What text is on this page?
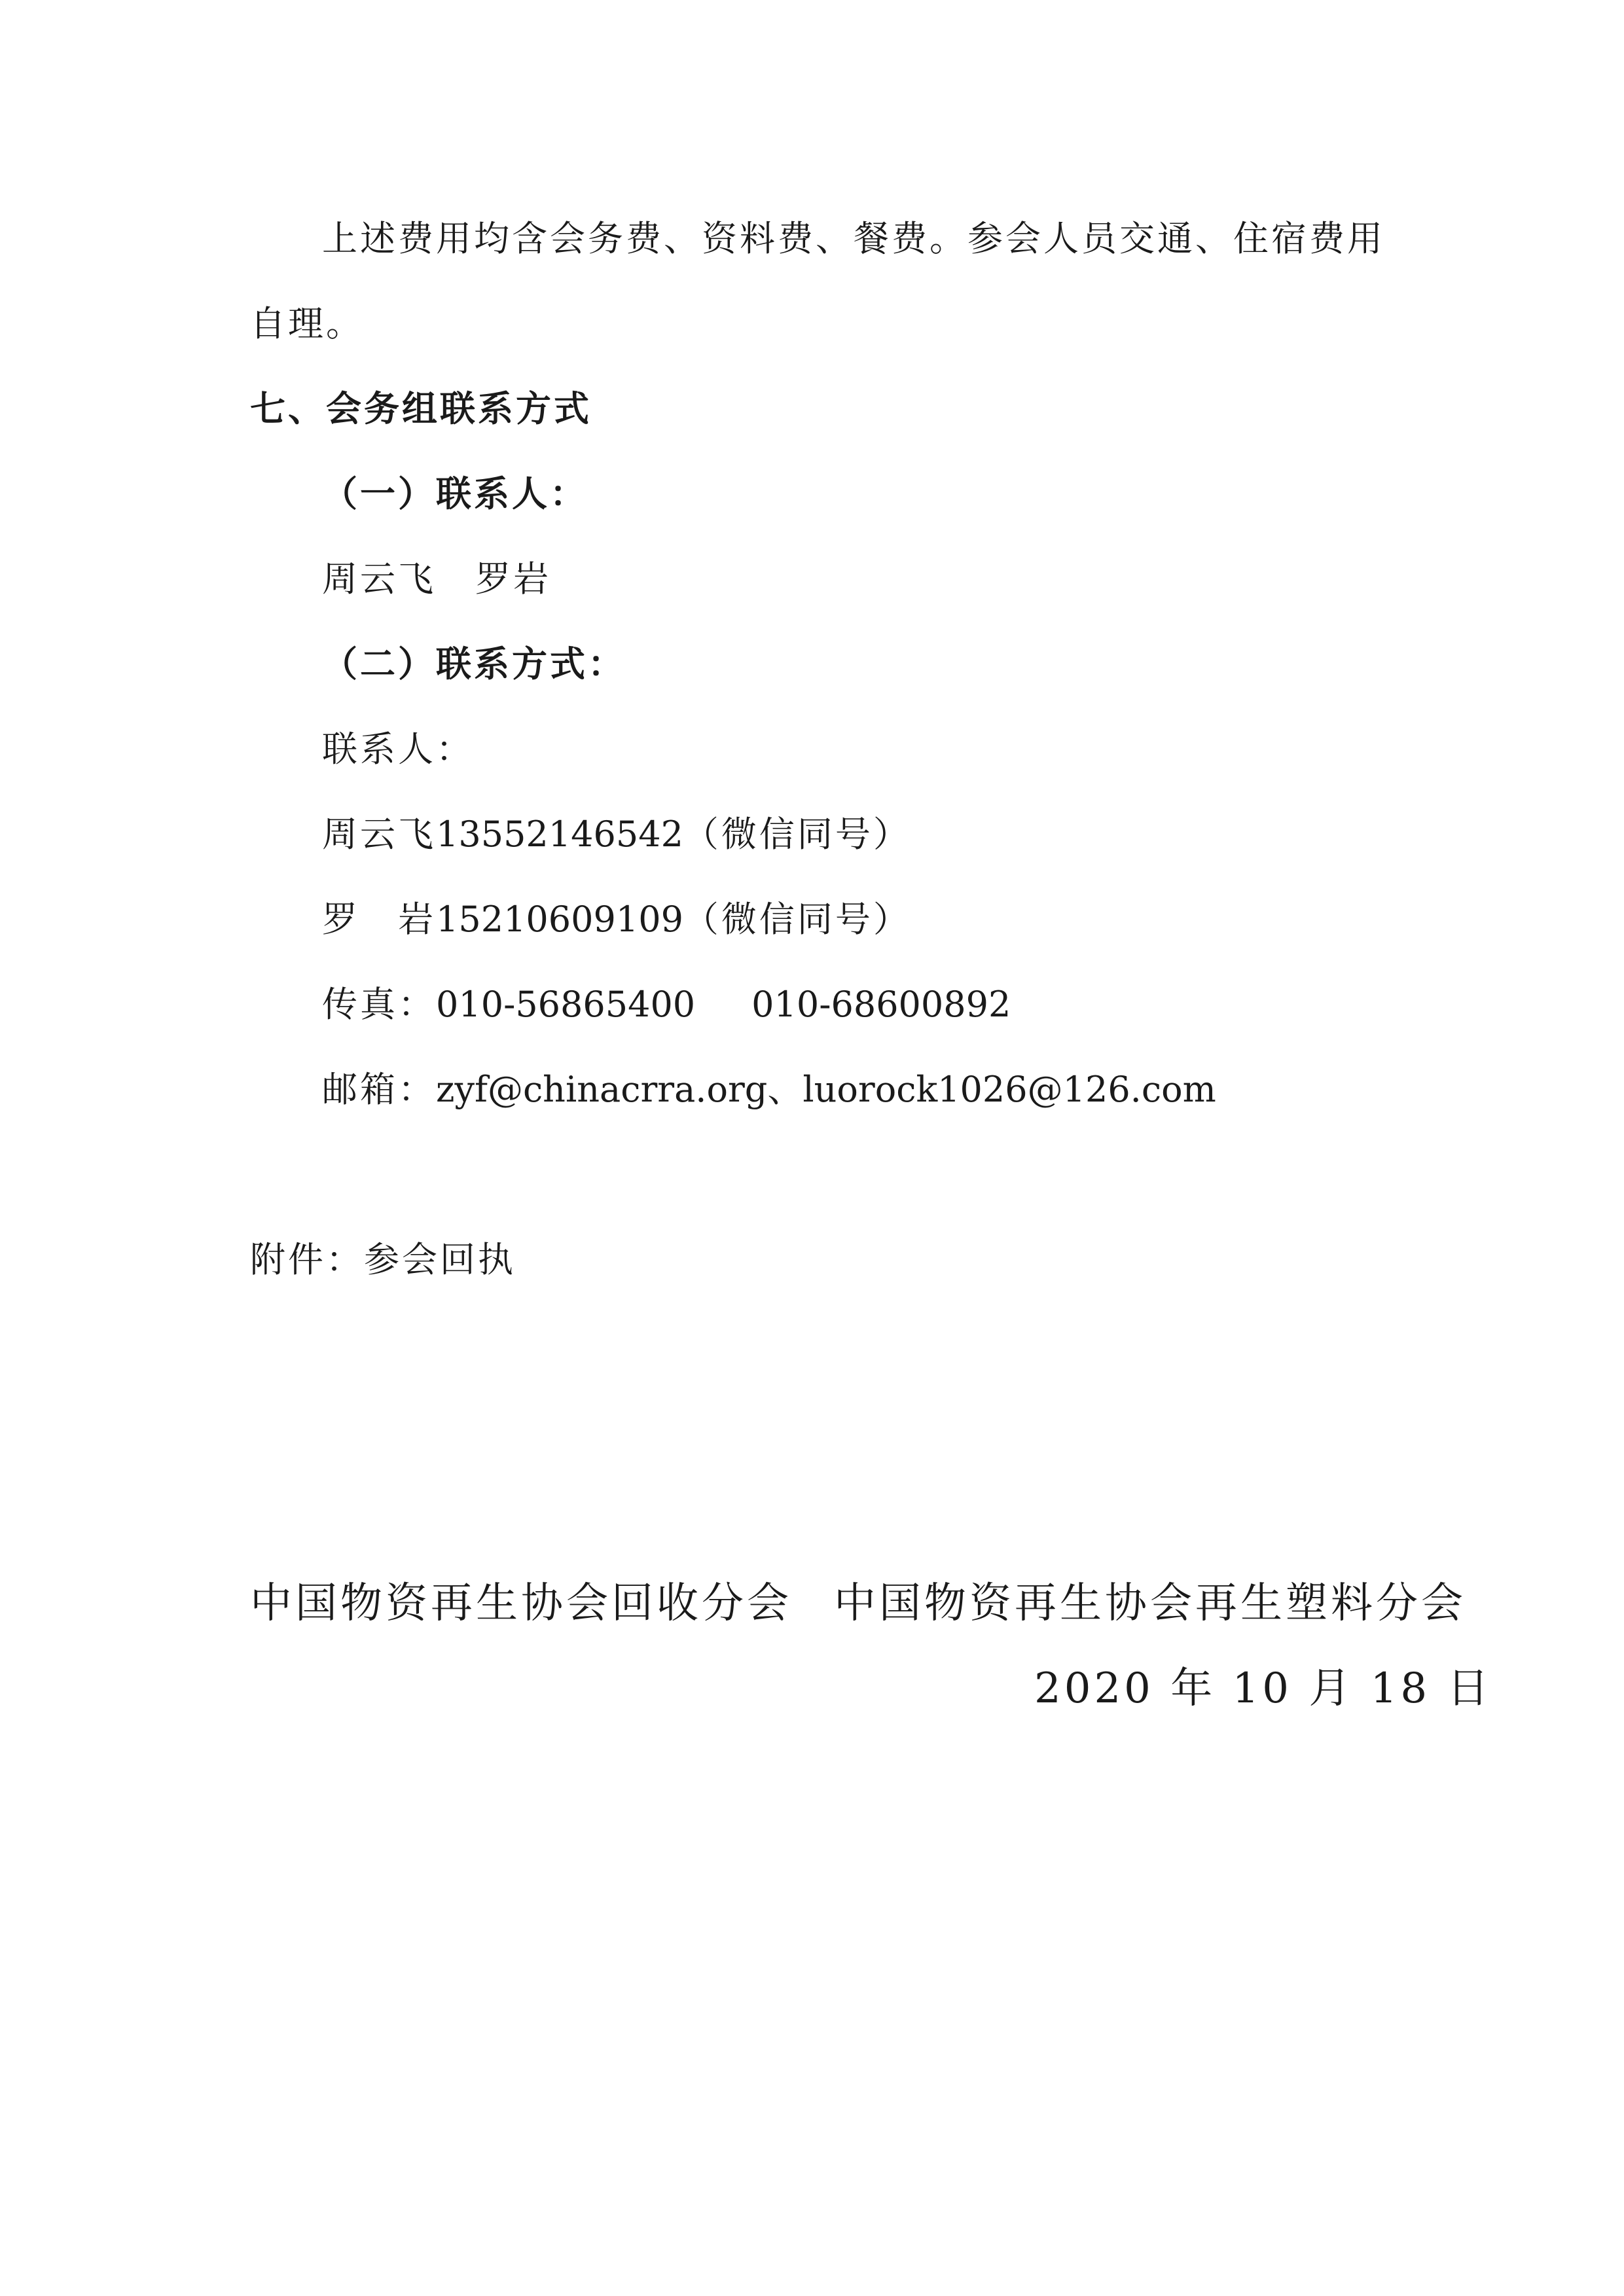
上述费用均含会务费、资料费、餐费。参会人员交通、住宿费用
自理。
七、会务组联系方式
（一）联系人：
周云飞 罗岩
（二）联系方式：
联系人：
周云飞13552146542（微信同号）
罗 岩15210609109（微信同号）
传真：010-56865400 010-68600892
邮箱：zyf@chinacrra.org、luorock1026@126.com
附件：参会回执
中国物资再生协会回收分会 中国物资再生协会再生塑料分会
2020 年 10 月 18 日
